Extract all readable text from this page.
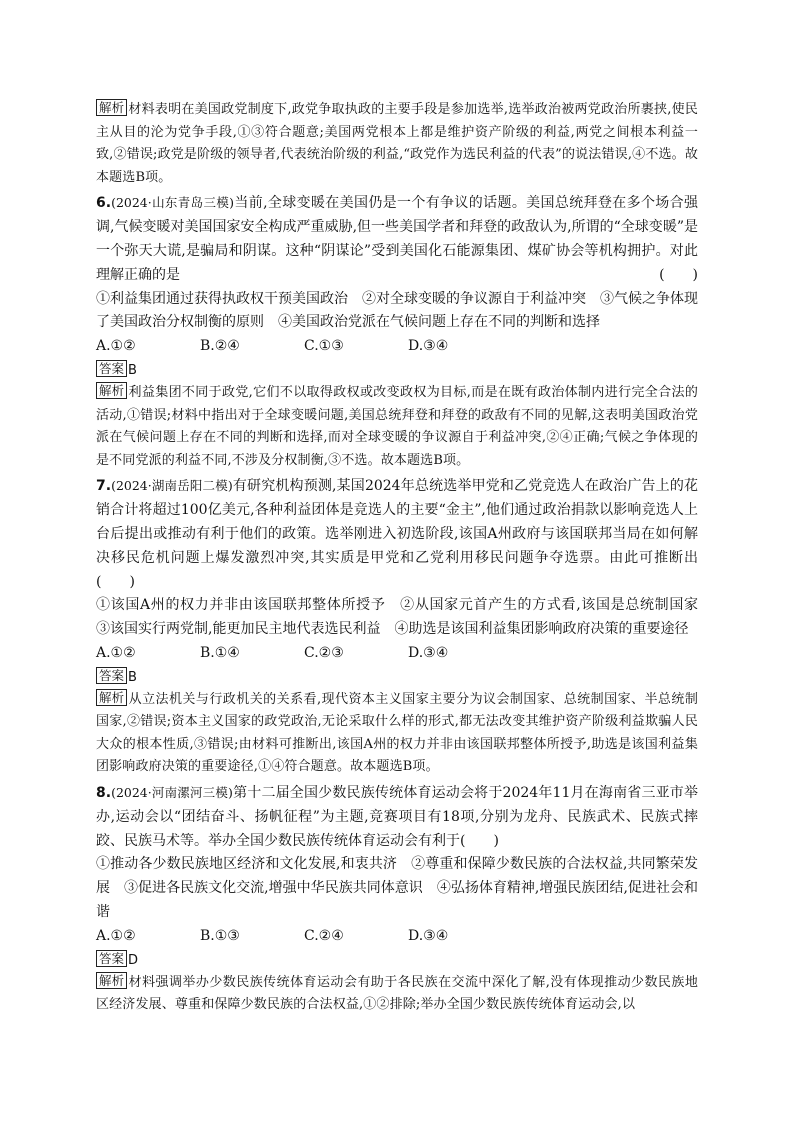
解析 材料表明在美国政党制度下,政党争取执政的主要手段是参加选举,选举政治被两党政治所裹挟,使民主从目的沦为党争手段,①③符合题意;美国两党根本上都是维护资产阶级的利益,两党之间根本利益一致,②错误;政党是阶级的领导者,代表统治阶级的利益,“政党作为选民利益的代表”的说法错误,④不选。故本题选B项。

6.(2024·山东青岛三模)当前,全球变暖在美国仍是一个有争议的话题。美国总统拜登在多个场合强调,气候变暖对美国国家安全构成严重威胁,但一些美国学者和拜登的政敌认为,所谓的“全球变暖”是一个弥天大谎,是骗局和阴谋。这种“阴谋论”受到美国化石能源集团、煤矿协会等机构拥护。对此理解正确的是	(　　)

①利益集团通过获得执政权干预美国政治　②对全球变暖的争议源自于利益冲突　③气候之争体现了美国政治分权制衡的原则　④美国政治党派在气候问题上存在不同的判断和选择

A.①②	B.②④	C.①③	D.③④
答案 B

解析 利益集团不同于政党,它们不以取得政权或改变政权为目标,而是在既有政治体制内进行完全合法的活动,①错误;材料中指出对于全球变暖问题,美国总统拜登和拜登的政敌有不同的见解,这表明美国政治党派在气候问题上存在不同的判断和选择,而对全球变暖的争议源自于利益冲突,②④正确;气候之争体现的是不同党派的利益不同,不涉及分权制衡,③不选。故本题选B项。

7.(2024·湖南岳阳二模)有研究机构预测,某国2024年总统选举甲党和乙党竞选人在政治广告上的花销合计将超过100亿美元,各种利益团体是竞选人的主要“金主”,他们通过政治捐款以影响竞选人上台后提出或推动有利于他们的政策。选举刚进入初选阶段,该国A州政府与该国联邦当局在如何解决移民危机问题上爆发激烈冲突,其实质是甲党和乙党利用移民问题争夺选票。由此可推断出(　　)

①该国A州的权力并非由该国联邦整体所授予　②从国家元首产生的方式看,该国是总统制国家　③该国实行两党制,能更加民主地代表选民利益　④助选是该国利益集团影响政府决策的重要途径

A.①②	B.①④	C.②③	D.③④
答案 B

解析 从立法机关与行政机关的关系看,现代资本主义国家主要分为议会制国家、总统制国家、半总统制国家,②错误;资本主义国家的政党政治,无论采取什么样的形式,都无法改变其维护资产阶级利益欺骗人民大众的根本性质,③错误;由材料可推断出,该国A州的权力并非由该国联邦整体所授予,助选是该国利益集团影响政府决策的重要途径,①④符合题意。故本题选B项。

8.(2024·河南漯河三模)第十二届全国少数民族传统体育运动会将于2024年11月在海南省三亚市举办,运动会以“团结奋斗、扬帆征程”为主题,竞赛项目有18项,分别为龙舟、民族武术、民族式摔跤、民族马术等。举办全国少数民族传统体育运动会有利于(　　)

①推动各少数民族地区经济和文化发展,和衷共济　②尊重和保障少数民族的合法权益,共同繁荣发展　③促进各民族文化交流,增强中华民族共同体意识　④弘扬体育精神,增强民族团结,促进社会和谐

A.①②	B.①③	C.②④	D.③④
答案 D

解析 材料强调举办少数民族传统体育运动会有助于各民族在交流中深化了解,没有体现推动少数民族地区经济发展、尊重和保障少数民族的合法权益,①②排除;举办全国少数民族传统体育运动会,以
